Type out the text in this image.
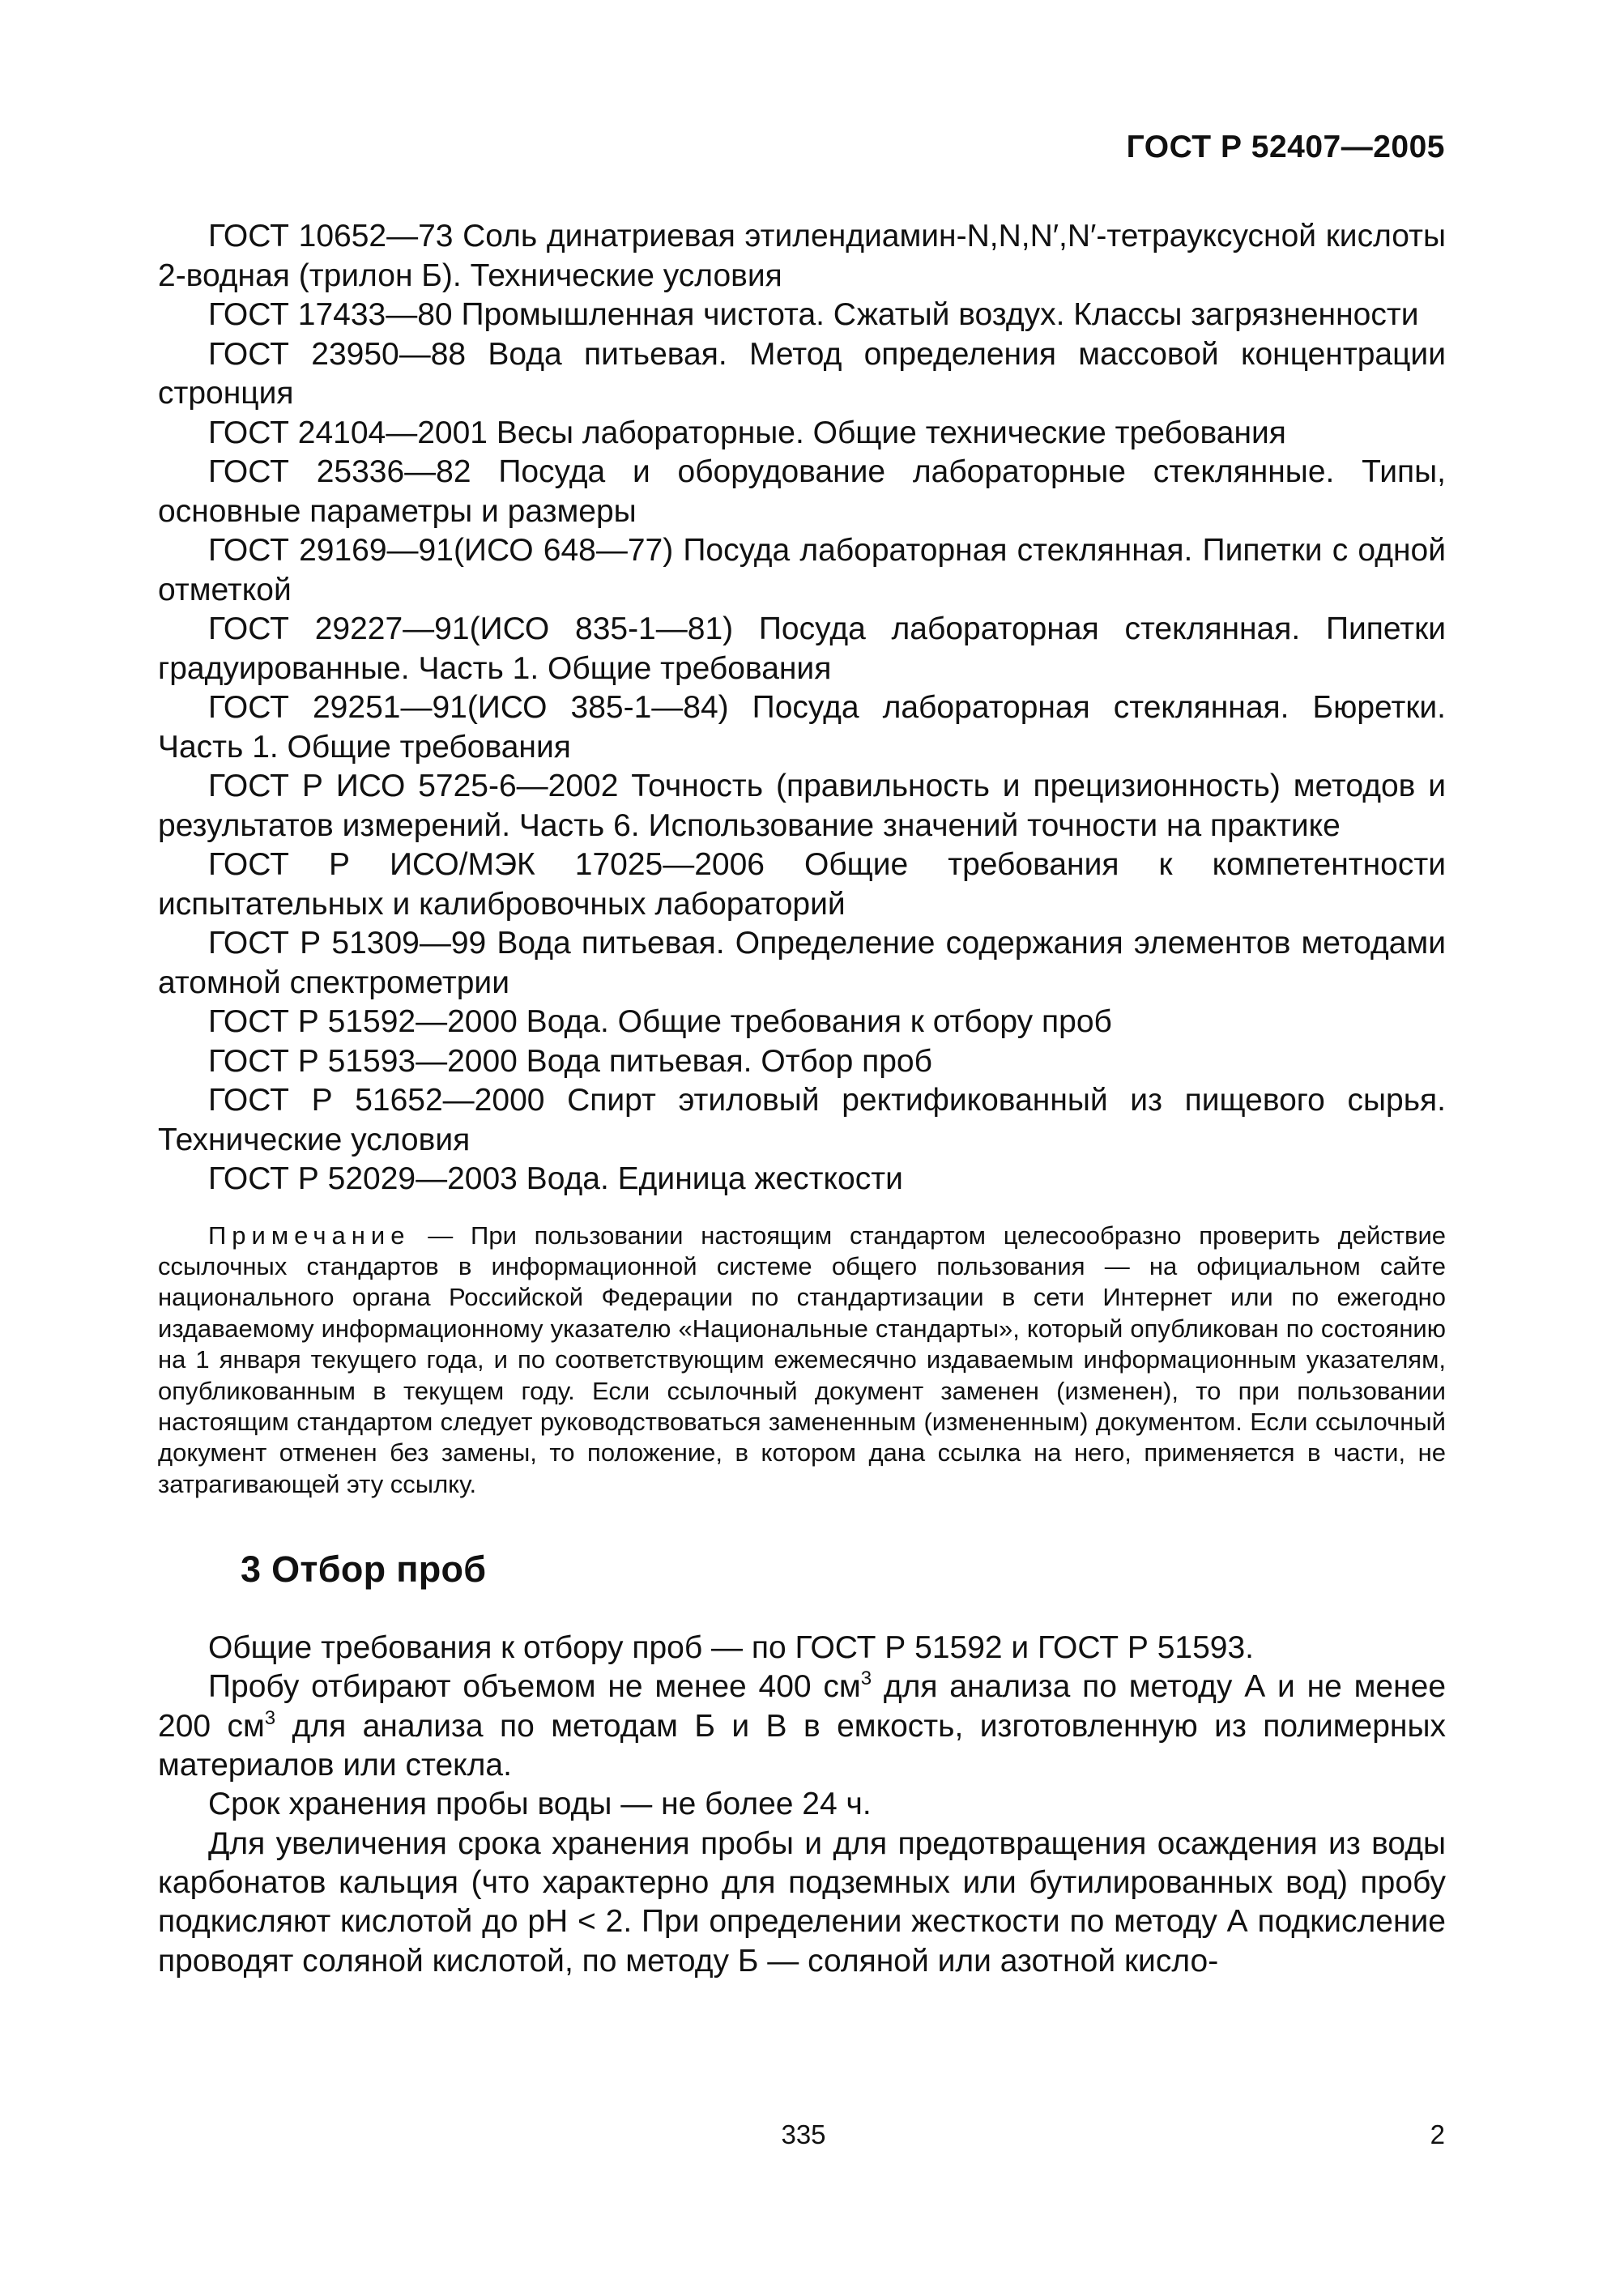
ГОСТ Р 52407—2005

ГОСТ 10652—73 Соль динатриевая этилендиамин-N,N,N′,N′-тетрауксусной кислоты 2-водная (трилон Б). Технические условия

ГОСТ 17433—80 Промышленная чистота. Сжатый воздух. Классы загрязненности

ГОСТ 23950—88 Вода питьевая. Метод определения массовой концентрации стронция

ГОСТ 24104—2001 Весы лабораторные. Общие технические требования

ГОСТ 25336—82 Посуда и оборудование лабораторные стеклянные. Типы, основные параметры и размеры

ГОСТ 29169—91(ИСО 648—77) Посуда лабораторная стеклянная. Пипетки с одной отметкой

ГОСТ 29227—91(ИСО 835-1—81) Посуда лабораторная стеклянная. Пипетки градуированные. Часть 1. Общие требования

ГОСТ 29251—91(ИСО 385-1—84) Посуда лабораторная стеклянная. Бюретки. Часть 1. Общие требования

ГОСТ Р ИСО 5725-6—2002 Точность (правильность и прецизионность) методов и результатов измерений. Часть 6. Использование значений точности на практике

ГОСТ Р ИСО/МЭК 17025—2006 Общие требования к компетентности испытательных и калибровочных лабораторий

ГОСТ Р 51309—99 Вода питьевая. Определение содержания элементов методами атомной спектрометрии

ГОСТ Р 51592—2000 Вода. Общие требования к отбору проб

ГОСТ Р 51593—2000 Вода питьевая. Отбор проб

ГОСТ Р 51652—2000 Спирт этиловый ректификованный из пищевого сырья. Технические условия

ГОСТ Р 52029—2003 Вода. Единица жесткости

Примечание — При пользовании настоящим стандартом целесообразно проверить действие ссылочных стандартов в информационной системе общего пользования — на официальном сайте национального органа Российской Федерации по стандартизации в сети Интернет или по ежегодно издаваемому информационному указателю «Национальные стандарты», который опубликован по состоянию на 1 января текущего года, и по соответствующим ежемесячно издаваемым информационным указателям, опубликованным в текущем году. Если ссылочный документ заменен (изменен), то при пользовании настоящим стандартом следует руководствоваться замененным (измененным) документом. Если ссылочный документ отменен без замены, то положение, в котором дана ссылка на него, применяется в части, не затрагивающей эту ссылку.
3 Отбор проб

Общие требования к отбору проб — по ГОСТ Р 51592 и ГОСТ Р 51593.

Пробу отбирают объемом не менее 400 $см^3$ для анализа по методу А и не менее 200 $см^3$ для анализа по методам Б и В в емкость, изготовленную из полимерных материалов или стекла.

Срок хранения пробы воды — не более 24 ч.

Для увеличения срока хранения пробы и для предотвращения осаждения из воды карбонатов кальция (что характерно для подземных или бутилированных вод) пробу подкисляют кислотой до рН < 2. При определении жесткости по методу А подкисление проводят соляной кислотой, по методу Б — соляной или азотной кисло-

335	2
